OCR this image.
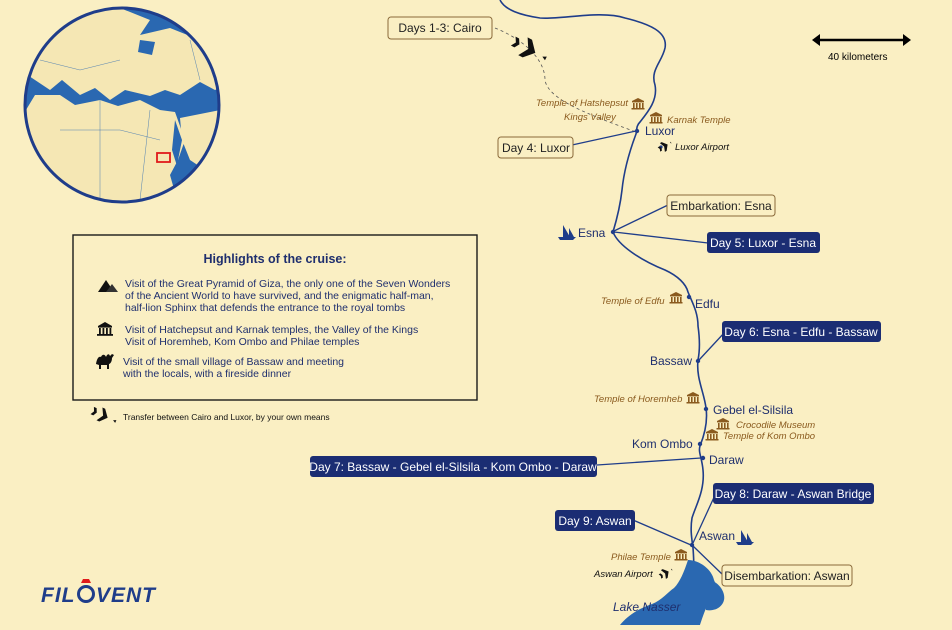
Lake Nasser
40 kilometers
Highlights of the cruise:
Visit of the Great Pyramid of Giza, the only one of the Seven Wonders
of the Ancient World to have survived, and the enigmatic half-man,
half-lion Sphinx that defends the entrance to the royal tombs
Visit of Hatchepsut and Karnak temples, the Valley of the Kings
Visit of Horemheb, Kom Ombo and Philae temples
Visit of the small village of Bassaw and meeting
with the locals, with a fireside dinner
Transfer between Cairo and Luxor, by your own means
Luxor
Esna
Edfu
Bassaw
Gebel el-Silsila
Kom Ombo
Daraw
Aswan
Temple of Hatshepsut
Kings Valley	Karnak Temple
Temple of Edfu
Temple of Horemheb
Crocodile Museum
Temple of Kom Ombo
Philae Temple
Luxor Airport
Aswan Airport
Days 1-3: Cairo
Day 4: Luxor
Embarkation: Esna
Disembarkation: Aswan
Day 5: Luxor - Esna
Day 6: Esna - Edfu - Bassaw
Day 7: Bassaw - Gebel el-Silsila - Kom Ombo - Daraw
Day 8: Daraw - Aswan Bridge
Day 9: Aswan
FIL VENT
